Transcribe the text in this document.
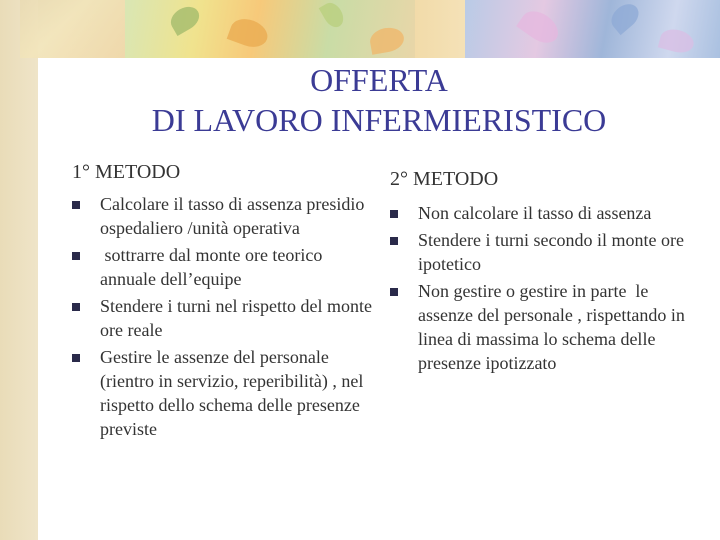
OFFERTA
DI LAVORO INFERMIERISTICO
1° METODO
Calcolare il tasso di assenza presidio ospedaliero /unità operativa
sottrarre dal monte ore teorico annuale dell’equipe
Stendere i turni nel rispetto del monte ore reale
Gestire le assenze del personale (rientro in servizio, reperibilità) , nel rispetto dello schema delle presenze previste
2° METODO
Non calcolare il tasso di assenza
Stendere i turni secondo il monte ore ipotetico
Non gestire o gestire in parte  le assenze del personale , rispettando in linea di massima lo schema delle presenze ipotizzato
